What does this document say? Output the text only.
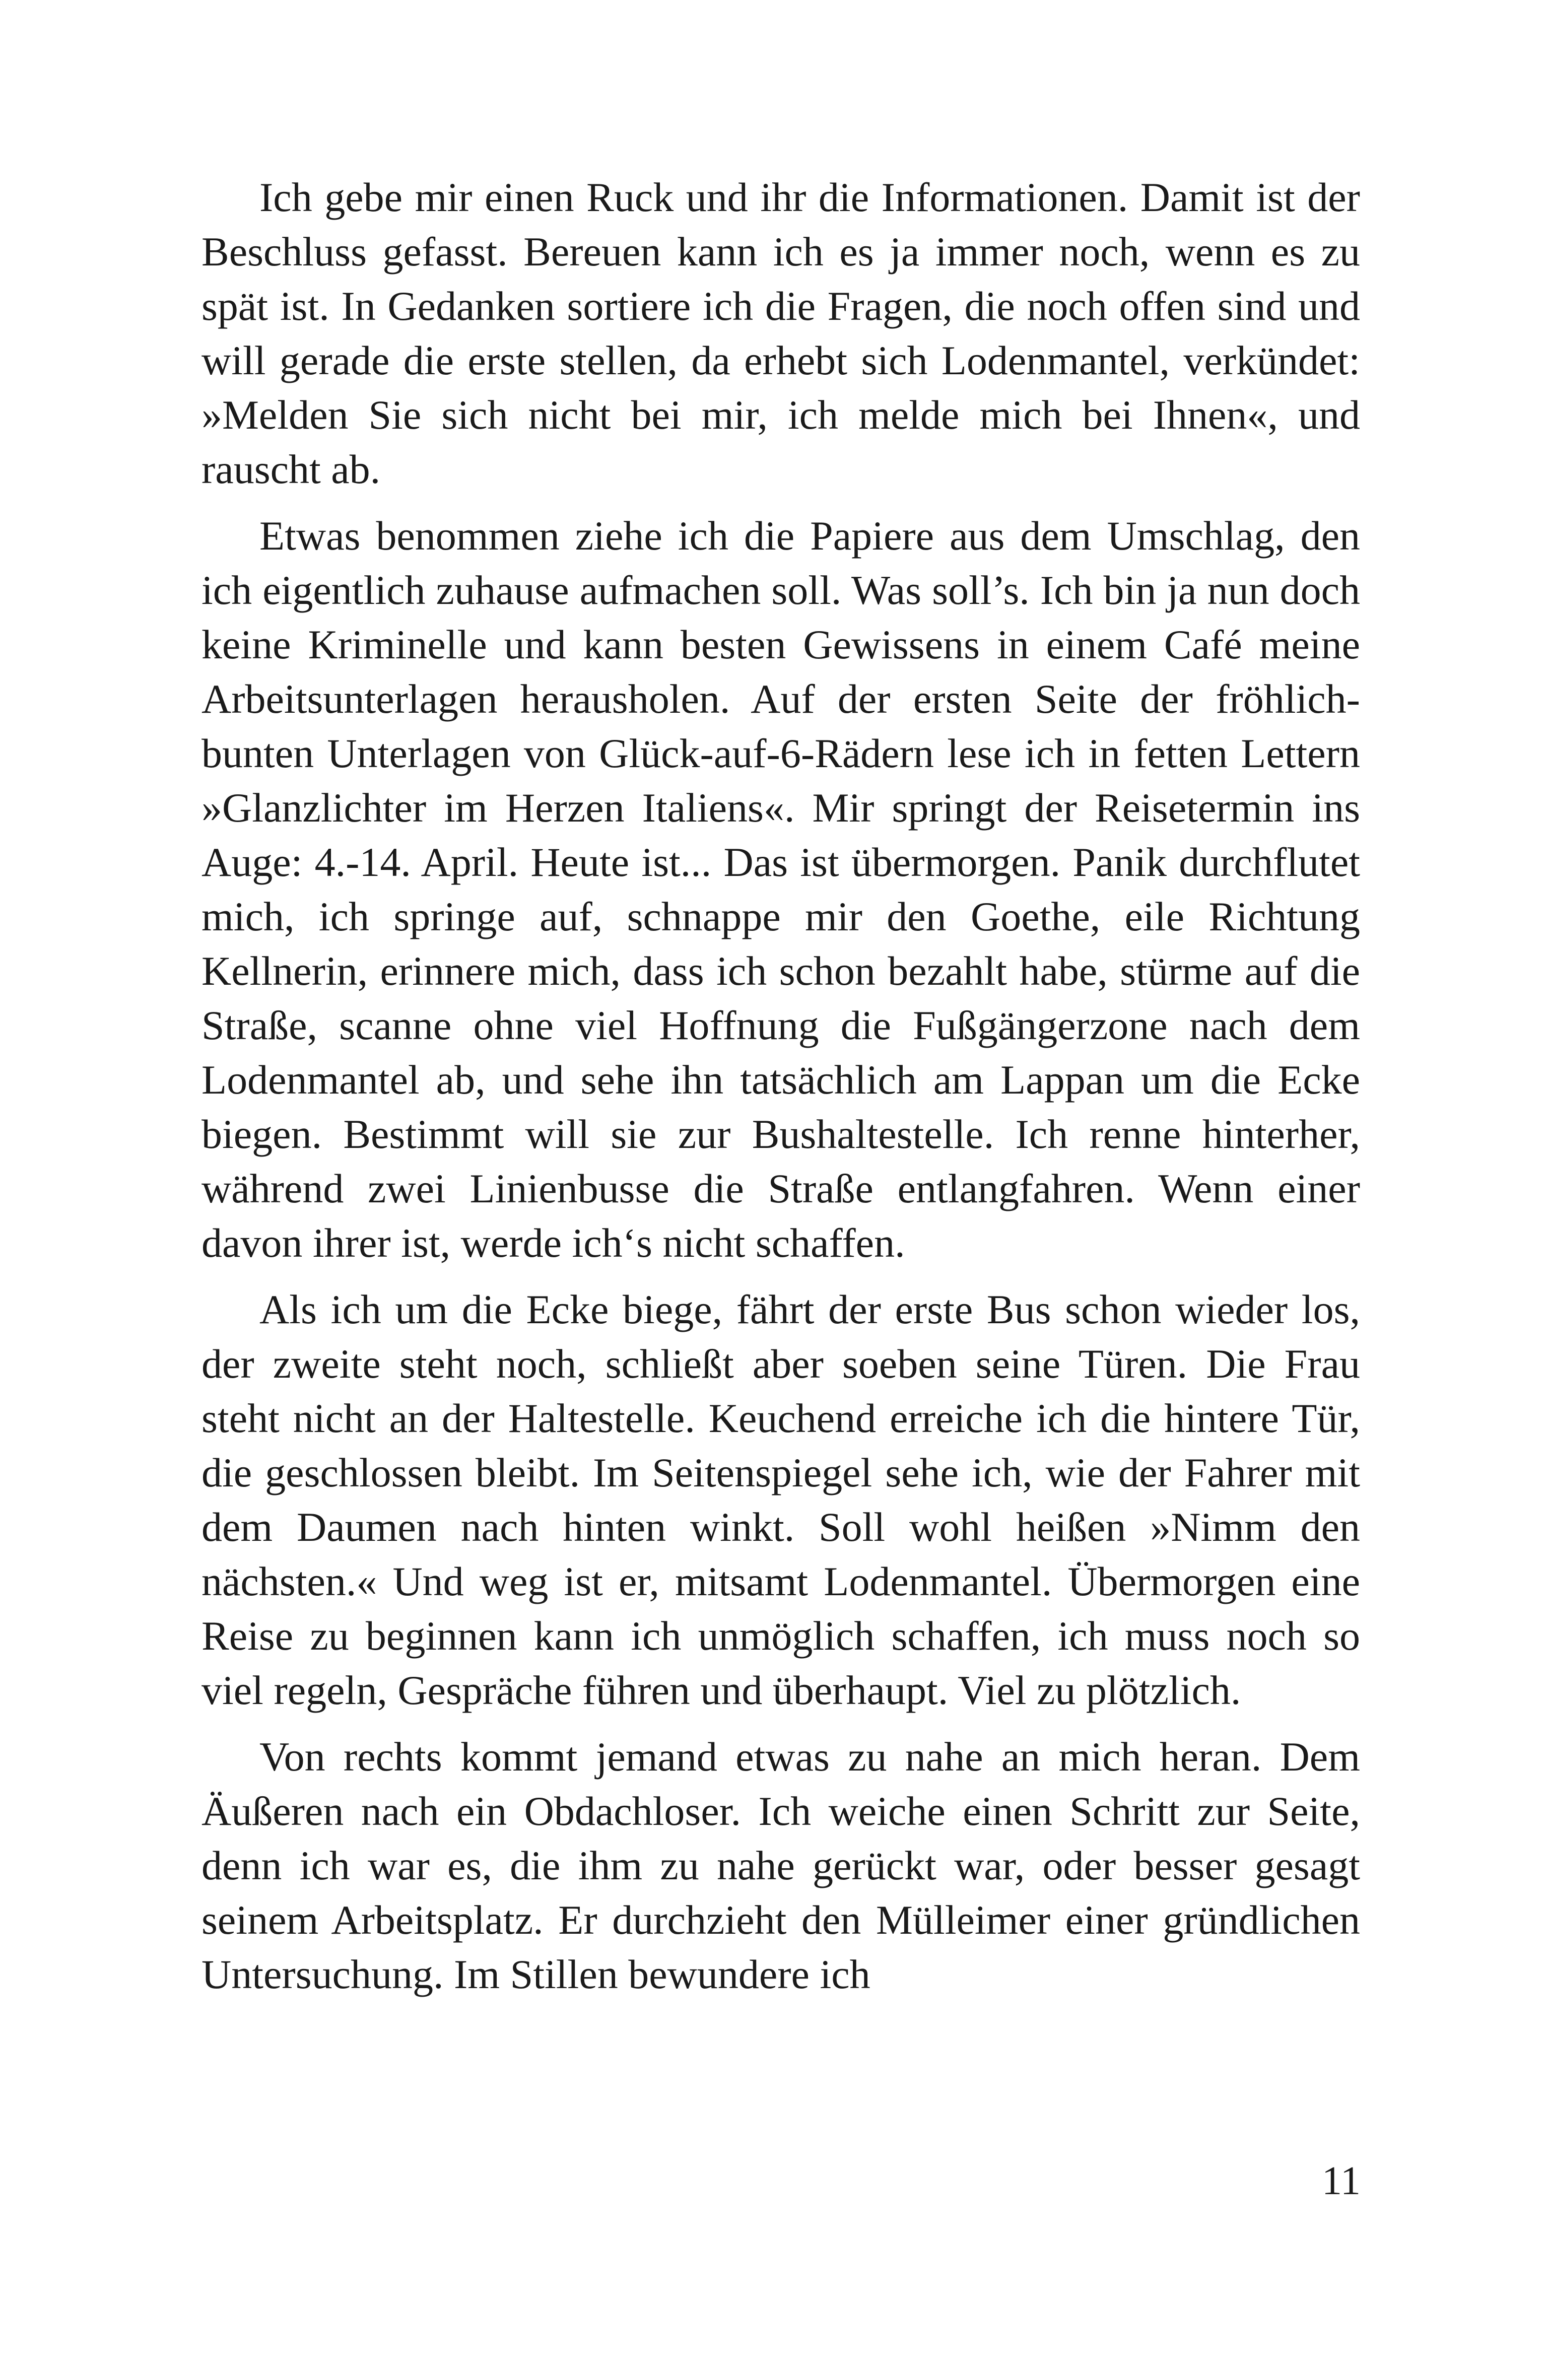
Ich gebe mir einen Ruck und ihr die Informationen. Damit ist der Beschluss gefasst. Bereuen kann ich es ja immer noch, wenn es zu spät ist. In Gedanken sortiere ich die Fragen, die noch offen sind und will gerade die erste stellen, da erhebt sich Lodenmantel, verkündet: »Melden Sie sich nicht bei mir, ich melde mich bei Ihnen«, und rauscht ab.

Etwas benommen ziehe ich die Papiere aus dem Umschlag, den ich eigentlich zuhause aufmachen soll. Was soll’s. Ich bin ja nun doch keine Kriminelle und kann besten Gewissens in einem Café meine Arbeitsunterlagen herausholen. Auf der ersten Seite der fröhlich-bunten Unterlagen von Glück-auf-6-Rädern lese ich in fetten Lettern »Glanzlichter im Herzen Italiens«. Mir springt der Reisetermin ins Auge: 4.-14. April. Heute ist... Das ist übermorgen. Panik durchflutet mich, ich springe auf, schnappe mir den Goethe, eile Richtung Kellnerin, erinnere mich, dass ich schon bezahlt habe, stürme auf die Straße, scanne ohne viel Hoffnung die Fußgängerzone nach dem Lodenmantel ab, und sehe ihn tatsächlich am Lappan um die Ecke biegen. Bestimmt will sie zur Bushaltestelle. Ich renne hinterher, während zwei Linienbusse die Straße entlangfahren. Wenn einer davon ihrer ist, werde ich‘s nicht schaffen.

Als ich um die Ecke biege, fährt der erste Bus schon wieder los, der zweite steht noch, schließt aber soeben seine Türen. Die Frau steht nicht an der Haltestelle. Keuchend erreiche ich die hintere Tür, die geschlossen bleibt. Im Seitenspiegel sehe ich, wie der Fahrer mit dem Daumen nach hinten winkt. Soll wohl heißen »Nimm den nächsten.« Und weg ist er, mitsamt Lodenmantel. Übermorgen eine Reise zu beginnen kann ich unmöglich schaffen, ich muss noch so viel regeln, Gespräche führen und überhaupt. Viel zu plötzlich.

Von rechts kommt jemand etwas zu nahe an mich heran. Dem Äußeren nach ein Obdachloser. Ich weiche einen Schritt zur Seite, denn ich war es, die ihm zu nahe gerückt war, oder besser gesagt seinem Arbeitsplatz. Er durchzieht den Mülleimer einer gründlichen Untersuchung. Im Stillen bewundere ich

11
